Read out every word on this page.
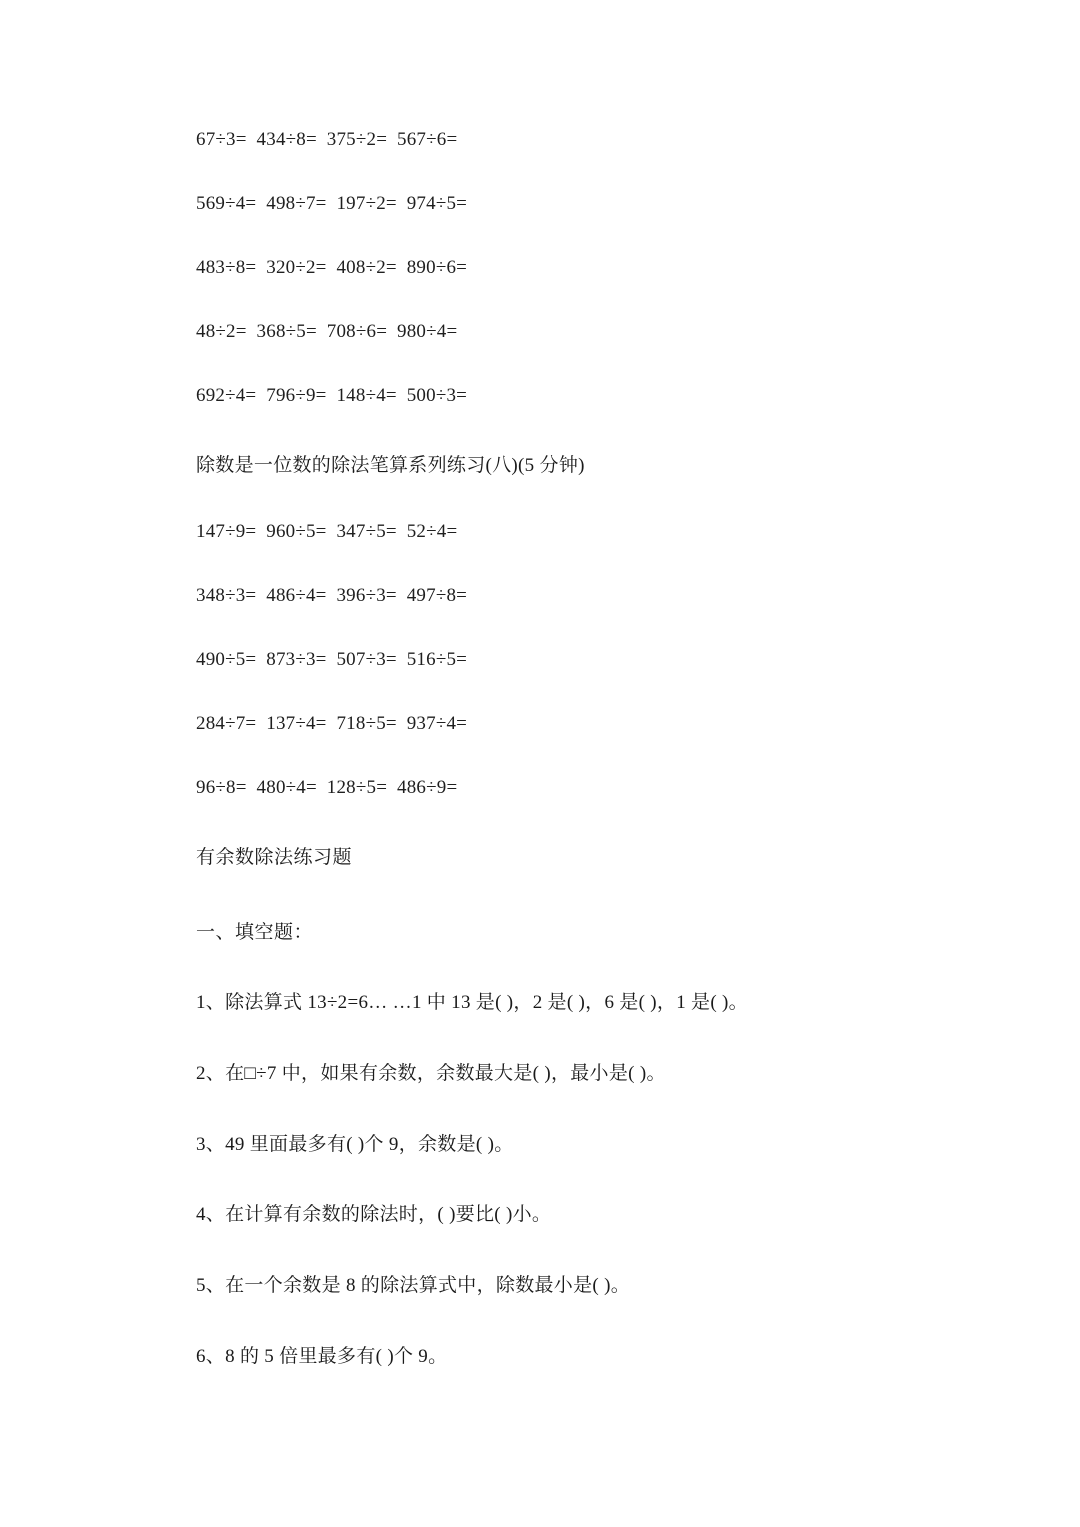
67÷3=  434÷8=  375÷2=  567÷6=
569÷4=  498÷7=  197÷2=  974÷5=
483÷8=  320÷2=  408÷2=  890÷6=
48÷2=  368÷5=  708÷6=  980÷4=
692÷4=  796÷9=  148÷4=  500÷3=
除数是一位数的除法笔算系列练习(八)(5 分钟)
147÷9=  960÷5=  347÷5=  52÷4=
348÷3=  486÷4=  396÷3=  497÷8=
490÷5=  873÷3=  507÷3=  516÷5=
284÷7=  137÷4=  718÷5=  937÷4=
96÷8=  480÷4=  128÷5=  486÷9=
有余数除法练习题
一、填空题：
1、除法算式 13÷2=6… …1 中 13 是( )，2 是( )，6 是( )，1 是( )。
2、在□÷7 中，如果有余数，余数最大是( )，最小是( )。
3、49 里面最多有( )个 9，余数是( )。
4、在计算有余数的除法时，( )要比( )小。
5、在一个余数是 8 的除法算式中，除数最小是( )。
6、8 的 5 倍里最多有( )个 9。
